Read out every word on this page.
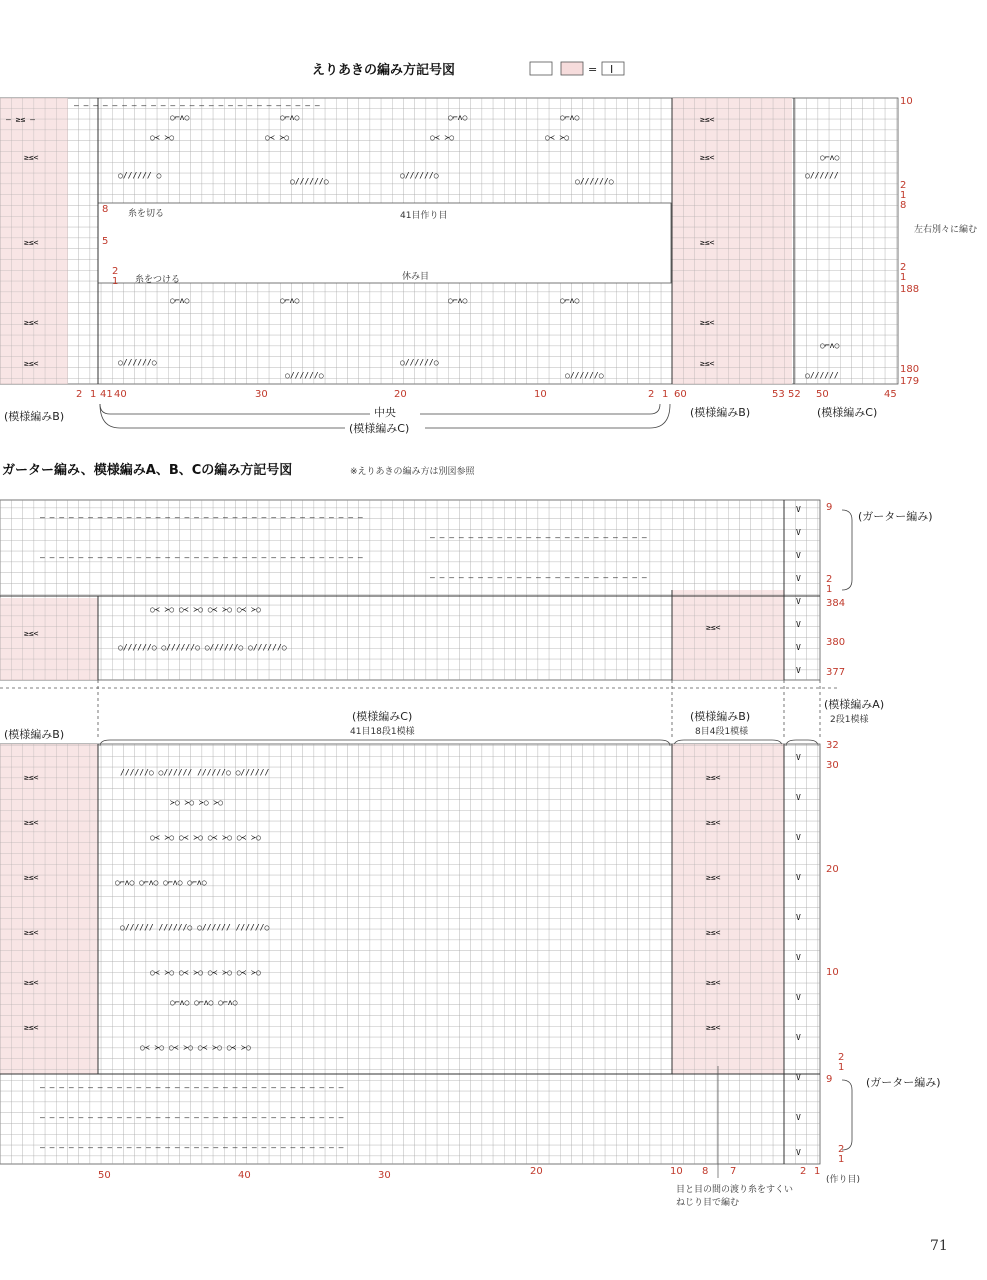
えりあきの編み方記号図	= I
— — — — — — — — — — — — — — — — — — — — — — — — — —
— ≥≤ —
≥≤<
≥≤<
≥≤<
≥≤<
≥≤<
≥≤<
≥≤<
≥≤<
≥≤<
○⌐ʌ○	○⌐ʌ○	○⌐ʌ○	○⌐ʌ○
○≺ ≻○	○≺ ≻○	○≺ ≻○	○≺ ≻○
○////// ○
○//////○
○//////○
○//////○
○⌐ʌ○	○⌐ʌ○	○⌐ʌ○	○⌐ʌ○
○//////○
○//////○
○//////○
○//////○
○⌐ʌ○
○//////
○⌐ʌ○
○//////
糸を切る	41目作り目
糸をつける	休み目
中央
左右別々に編む
8
5
2
1
10
2
1
8
2
1
188
180
179
2 1 41 40	30	20	10	2 1 60	53 52 50	45
(模様編みB)
(模様編みC)
(模様編みB)	(模様編みC)
ガーター編み、模様編みA、B、Cの編み方記号図	※えりあきの編み方は別図参照
— — — — — — — — — — — — — — — — — — — — — — — — — — — — — — — — — —
— — — — — — — — — — — — — — — — — — — — — — —
— — — — — — — — — — — — — — — — — — — — — — — — — — — — — — — — — —
— — — — — — — — — — — — — — — — — — — — — — —
≥≤<
≥≤<
○≺ ≻○ ○≺ ≻○ ○≺ ≻○ ○≺ ≻○
○//////○ ○//////○ ○//////○ ○//////○
V
V
V
V
V
V
V
V
9
2
1
384
380
377
(ガーター編み)
(模様編みC)
41目18段1模様
(模様編みB)
8目4段1模様
(模様編みA)
2段1模様
(模様編みB)
≥≤<
≥≤<
≥≤<
≥≤<
≥≤<
≥≤<
≥≤<
≥≤<
≥≤<
≥≤<
≥≤<
≥≤<
//////○ ○////// //////○ ○//////
≻○ ≻○ ≻○ ≻○
○≺ ≻○ ○≺ ≻○ ○≺ ≻○ ○≺ ≻○
○⌐ʌ○ ○⌐ʌ○ ○⌐ʌ○ ○⌐ʌ○
○////// //////○ ○////// //////○
○≺ ≻○ ○≺ ≻○ ○≺ ≻○ ○≺ ≻○
○⌐ʌ○ ○⌐ʌ○ ○⌐ʌ○
○≺ ≻○ ○≺ ≻○ ○≺ ≻○ ○≺ ≻○
— — — — — — — — — — — — — — — — — — — — — — — — — — — — — — — —
— — — — — — — — — — — — — — — — — — — — — — — — — — — — — — — —
— — — — — — — — — — — — — — — — — — — — — — — — — — — — — — — —
V
V
V
V
V
V
V
V
V
V
V
32
30
20
10
2
1
9
2
1
(ガーター編み)
(作り目)
50	40	30	20	10 8 7	2 1
目と目の間の渡り糸をすくい
ねじり目で編む
71
